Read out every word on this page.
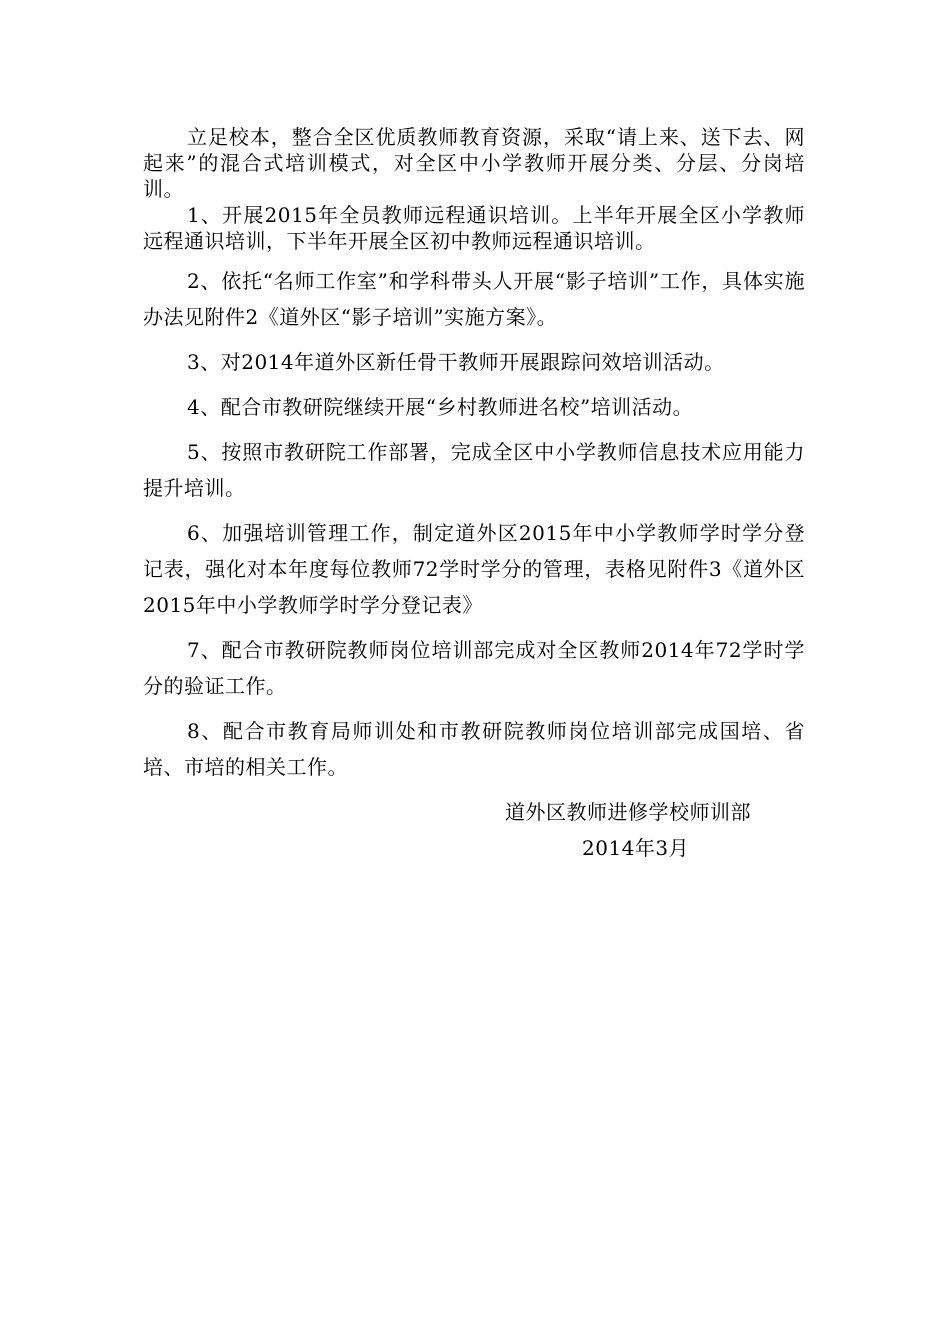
立足校本，整合全区优质教师教育资源，采取“请上来、送下去、网起来”的混合式培训模式，对全区中小学教师开展分类、分层、分岗培训。

1、开展2015年全员教师远程通识培训。上半年开展全区小学教师远程通识培训，下半年开展全区初中教师远程通识培训。

2、依托“名师工作室”和学科带头人开展“影子培训”工作，具体实施办法见附件2《道外区“影子培训”实施方案》。

3、对2014年道外区新任骨干教师开展跟踪问效培训活动。

4、配合市教研院继续开展“乡村教师进名校”培训活动。

5、按照市教研院工作部署，完成全区中小学教师信息技术应用能力提升培训。

6、加强培训管理工作，制定道外区2015年中小学教师学时学分登记表，强化对本年度每位教师72学时学分的管理，表格见附件3《道外区2015年中小学教师学时学分登记表》

7、配合市教研院教师岗位培训部完成对全区教师2014年72学时学分的验证工作。

8、配合市教育局师训处和市教研院教师岗位培训部完成国培、省培、市培的相关工作。

道外区教师进修学校师训部

2014年3月
